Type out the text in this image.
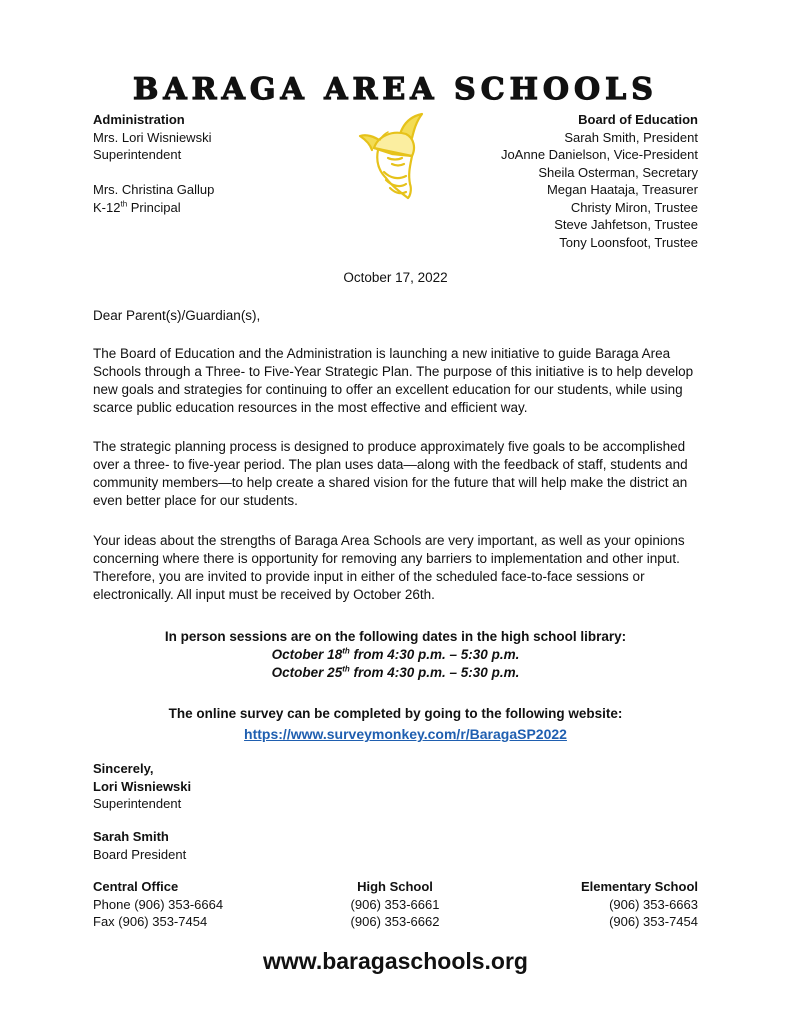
BARAGA AREA SCHOOLS
Administration
Mrs. Lori Wisniewski
Superintendent
Mrs. Christina Gallup
K-12th Principal
Board of Education
Sarah Smith, President
JoAnne Danielson, Vice-President
Sheila Osterman, Secretary
Megan Haataja, Treasurer
Christy Miron, Trustee
Steve Jahfetson, Trustee
Tony Loonsfoot, Trustee
October 17, 2022
Dear Parent(s)/Guardian(s),
The Board of Education and the Administration is launching a new initiative to guide Baraga Area Schools through a Three- to Five-Year Strategic Plan. The purpose of this initiative is to help develop new goals and strategies for continuing to offer an excellent education for our students, while using scarce public education resources in the most effective and efficient way.
The strategic planning process is designed to produce approximately five goals to be accomplished over a three- to five-year period. The plan uses data—along with the feedback of staff, students and community members—to help create a shared vision for the future that will help make the district an even better place for our students.
Your ideas about the strengths of Baraga Area Schools are very important, as well as your opinions concerning where there is opportunity for removing any barriers to implementation and other input. Therefore, you are invited to provide input in either of the scheduled face-to-face sessions or electronically. All input must be received by October 26th.
In person sessions are on the following dates in the high school library:
October 18th from 4:30 p.m. – 5:30 p.m.
October 25th from 4:30 p.m. – 5:30 p.m.
The online survey can be completed by going to the following website:
https://www.surveymonkey.com/r/BaragaSP2022
Sincerely,
Lori Wisniewski
Superintendent
Sarah Smith
Board President
Central Office
Phone (906) 353-6664
Fax (906) 353-7454
High School
(906) 353-6661
(906) 353-6662
Elementary School
(906) 353-6663
(906) 353-7454
www.baragaschools.org
